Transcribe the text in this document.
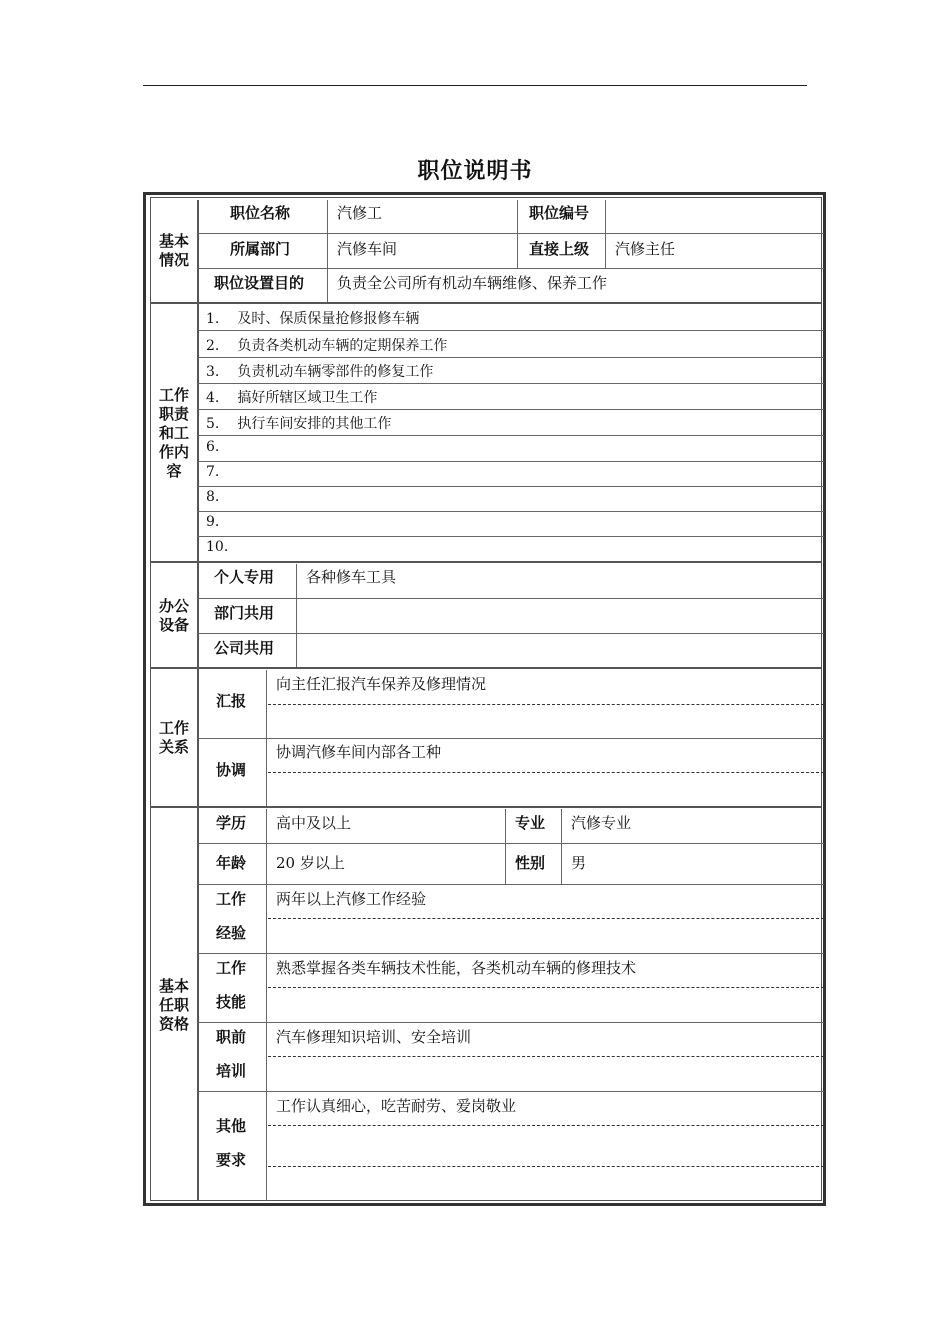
职位说明书
基本
情况
职位名称	汽修工	职位编号
所属部门	汽修车间	直接上级 汽修主任
职位设置目的 负责全公司所有机动车辆维修、保养工作
工作
职责
和工
作内
容
1. 及时、保质保量抢修报修车辆
2. 负责各类机动车辆的定期保养工作
3. 负责机动车辆零部件的修复工作
4. 搞好所辖区域卫生工作
5. 执行车间安排的其他工作
6.
7.
8.
9.
10.
办公
设备
个人专用 各种修车工具
部门共用
公司共用
工作
关系
汇报
向主任汇报汽车保养及修理情况
协调
协调汽修车间内部各工种
基本
任职
资格
学历 高中及以上	专业 汽修专业
年龄 20 岁以上	性别 男
工作
经验
两年以上汽修工作经验
工作
技能
熟悉掌握各类车辆技术性能，各类机动车辆的修理技术
职前
培训
汽车修理知识培训、安全培训
其他
要求
工作认真细心，吃苦耐劳、爱岗敬业
